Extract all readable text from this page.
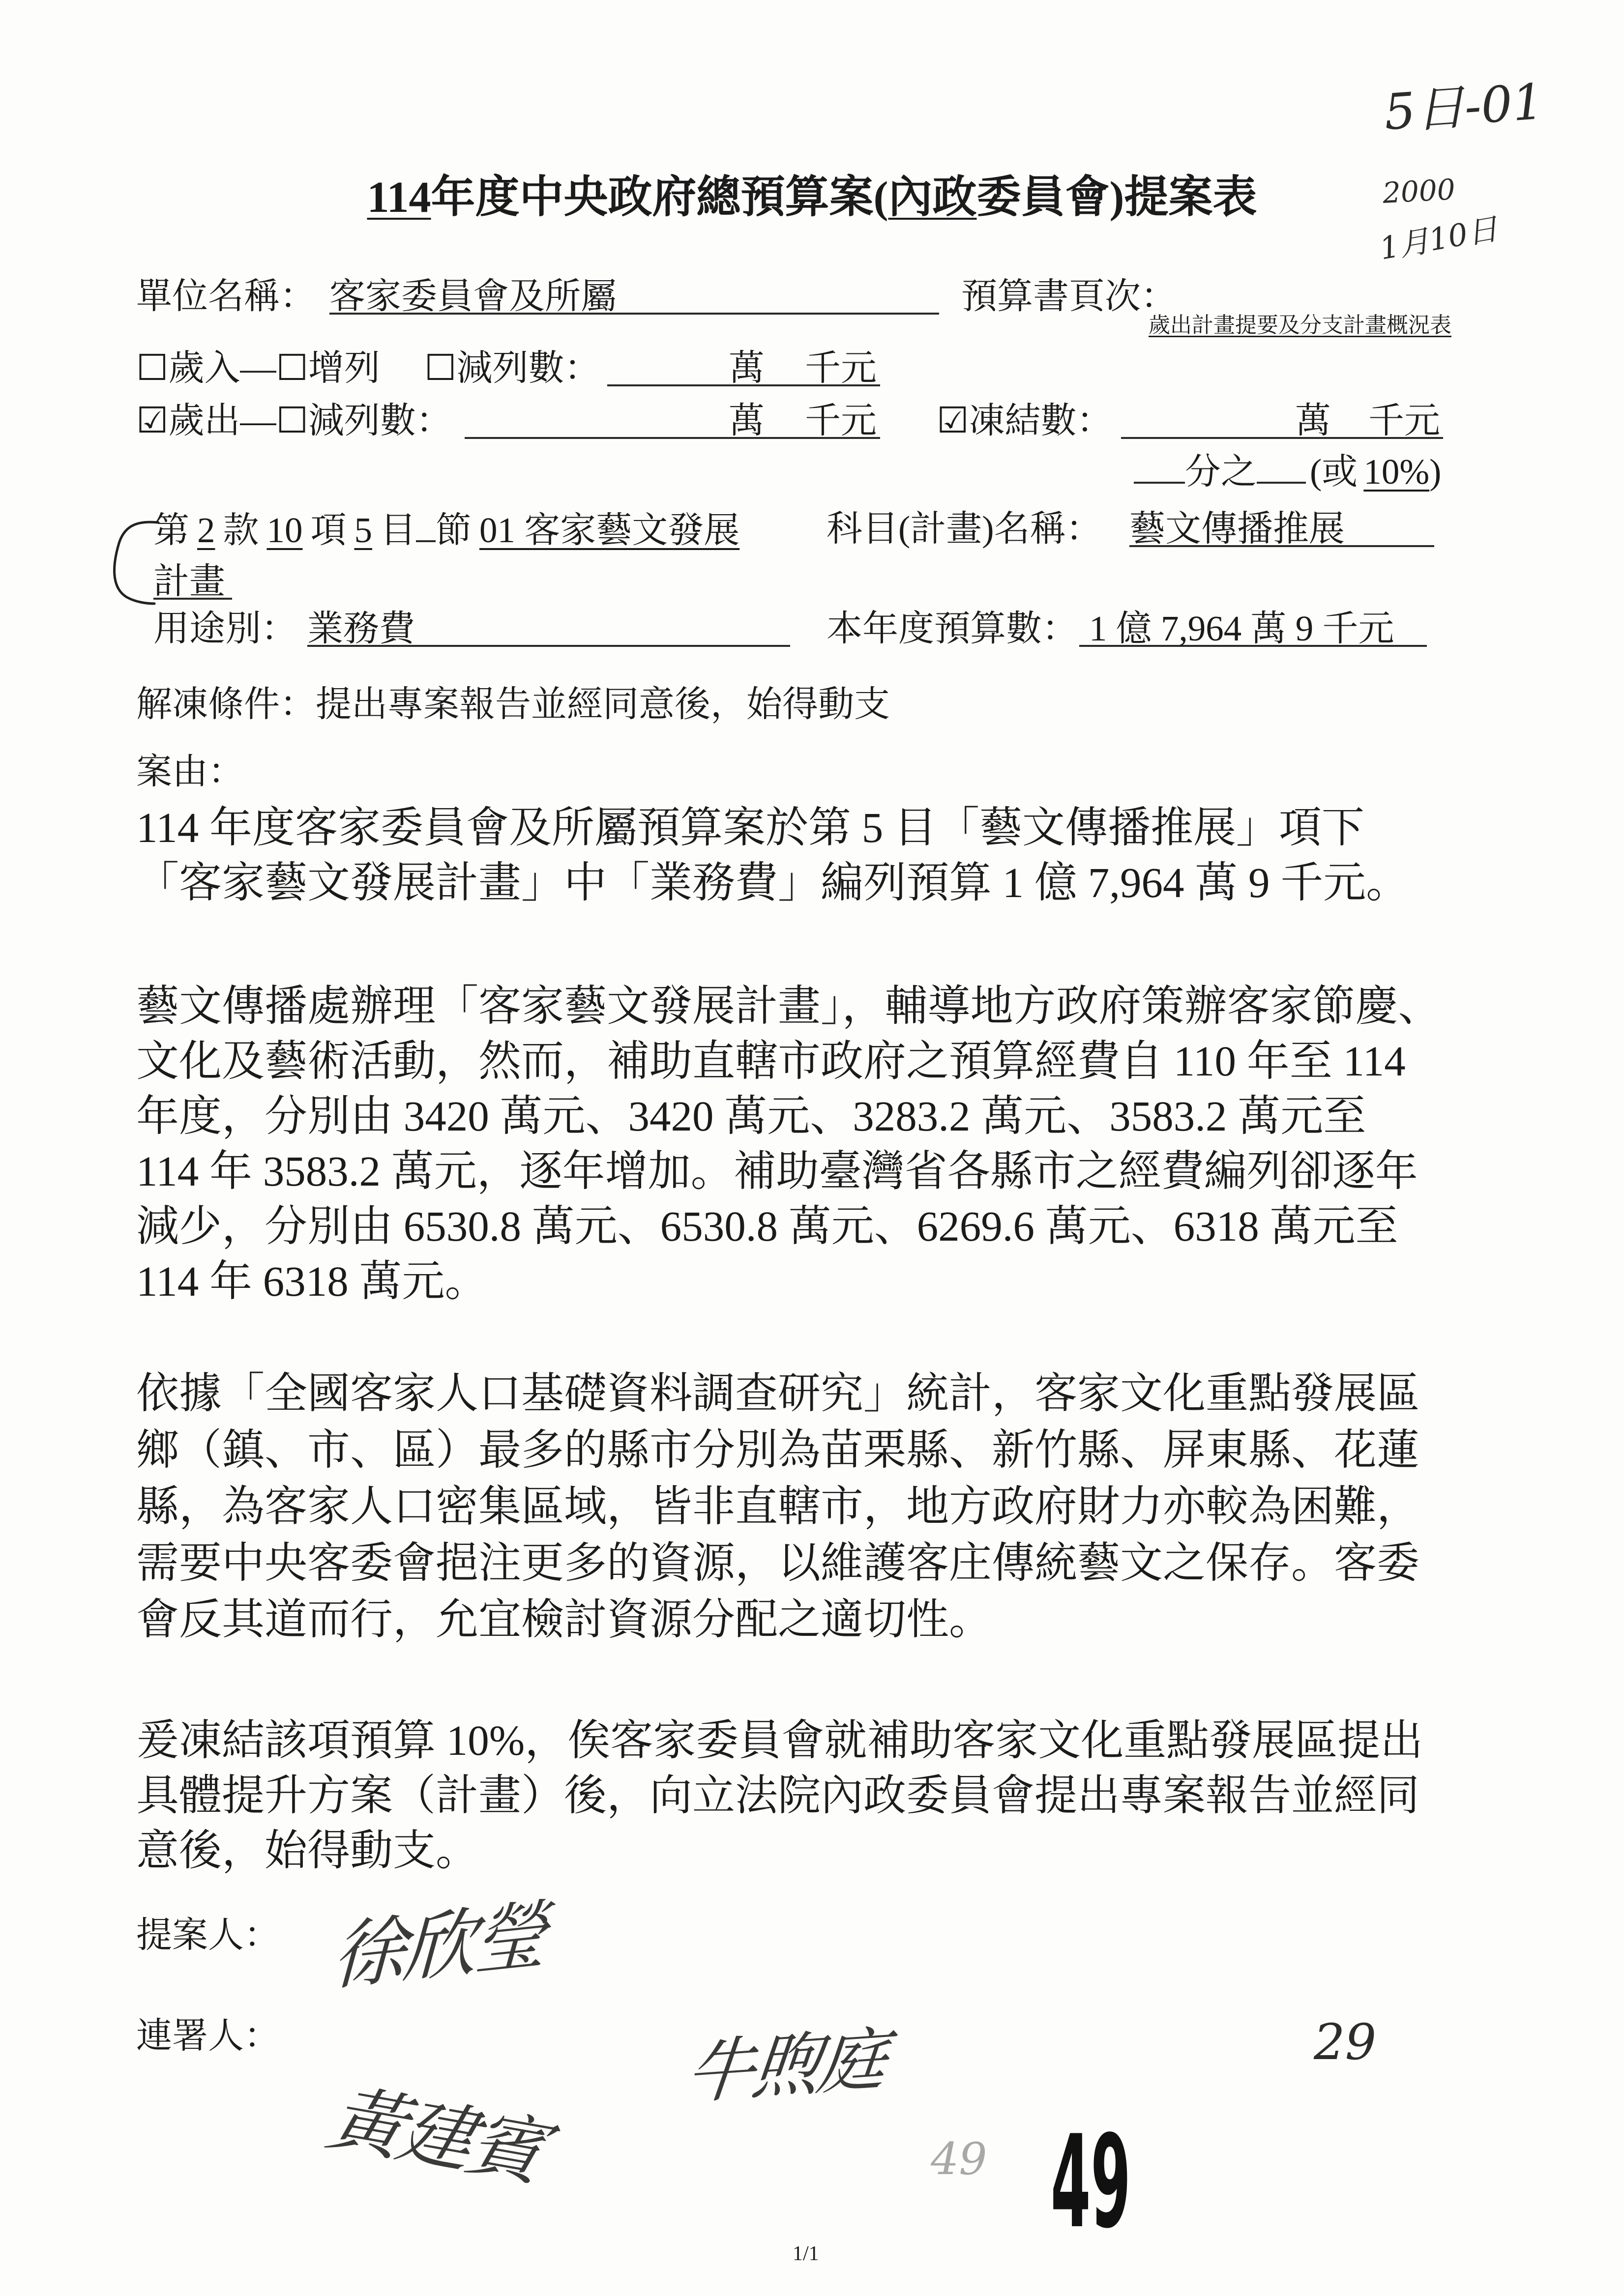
5日-01
2000
1月10日
114年度中央政府總預算案(內政委員會)提案表
單位名稱： 客家委員會及所屬	預算書頁次：
歲出計畫提要及分支計畫概況表
☐歲入—☐增列 ☐減列數：	萬 千元
☑歲出—☐減列數：	萬 千元 ☑凍結數：	萬 千元
分之 (或 10%)
第 2 款 10 項 5 目 節 01 客家藝文發展 科目(計畫)名稱： 藝文傳播推展
計畫
用途別： 業務費	本年度預算數： 1 億 7,964 萬 9 千元
解凍條件：提出專案報告並經同意後，始得動支
案由：
114 年度客家委員會及所屬預算案於第 5 目「藝文傳播推展」項下
「客家藝文發展計畫」中「業務費」編列預算 1 億 7,964 萬 9 千元。
藝文傳播處辦理「客家藝文發展計畫」，輔導地方政府策辦客家節慶、
文化及藝術活動，然而，補助直轄市政府之預算經費自 110 年至 114
年度，分別由 3420 萬元、3420 萬元、3283.2 萬元、3583.2 萬元至
114 年 3583.2 萬元，逐年增加。補助臺灣省各縣市之經費編列卻逐年
減少，分別由 6530.8 萬元、6530.8 萬元、6269.6 萬元、6318 萬元至
114 年 6318 萬元。
依據「全國客家人口基礎資料調查研究」統計，客家文化重點發展區
鄉（鎮、市、區）最多的縣市分別為苗栗縣、新竹縣、屏東縣、花蓮
縣，為客家人口密集區域，皆非直轄市，地方政府財力亦較為困難，
需要中央客委會挹注更多的資源，以維護客庄傳統藝文之保存。客委
會反其道而行，允宜檢討資源分配之適切性。
爰凍結該項預算 10%，俟客家委員會就補助客家文化重點發展區提出
具體提升方案（計畫）後，向立法院內政委員會提出專案報告並經同
意後，始得動支。
提案人： 徐欣瑩
連署人：
黃建賓
牛煦庭	29
49 49
1/1
